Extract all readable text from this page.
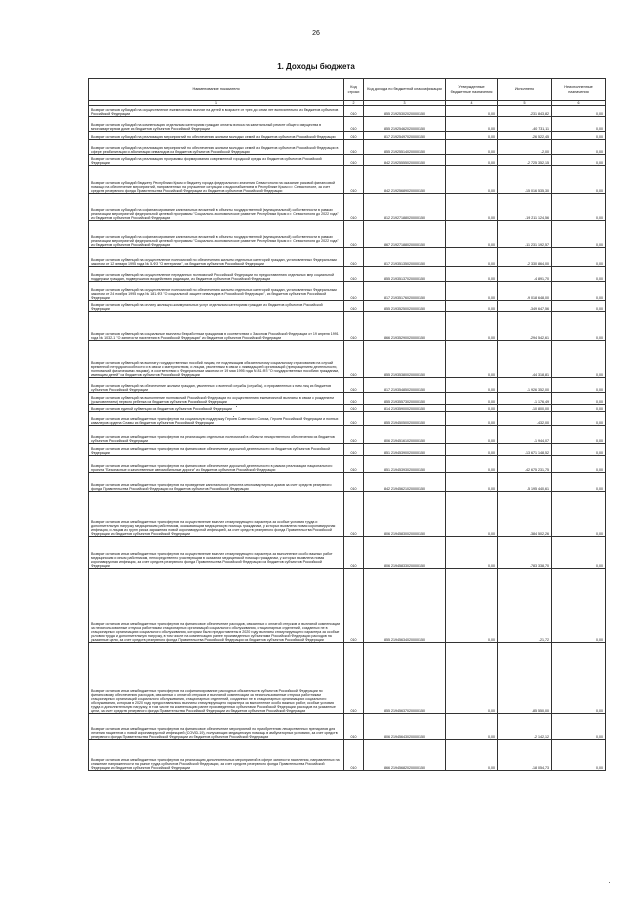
26
1. Доходы бюджета
Наименование показателя	Код строки	Код дохода по бюджетной классификации	Утвержденные бюджетные назначения	Исполнено	Неисполненные назначения
1	2	3	4	5	6
Возврат остатков субсидий на осуществление ежемесячных выплат на детей в возрасте от трех до семи лет включительно из бюджетов субъектов Российской Федерации	010	855 21925302020000150	0,00	-231 843,82	0,00
Возврат остатков субсидий на компенсацию отдельным категориям граждан оплаты взноса на капитальный ремонт общего имущества в многоквартирном доме из бюджетов субъектов Российской Федерации	010	855 21925462020000150	0,00	-40 731,11	0,00
Возврат остатков субсидий на реализацию мероприятий по обеспечению жильем молодых семей из бюджетов субъектов Российской Федерации	010	817 21925497020000150	0,00	-26 522,45	0,00
Возврат остатков субсидий на реализацию мероприятий по обеспечению жильем молодых семей из бюджетов субъектов Российской Федерации в сфере реабилитации и абилитации инвалидов из бюджетов субъектов Российской Федерации	010	855 21925514020000150	0,00	-2,00	0,00
Возврат остатков субсидий на реализацию программы формирования современной городской среды из бюджетов субъектов Российской Федерации	010	842 21925555020000150	0,00	-2 725 352,15	0,00
Возврат остатков субсидий бюджету Республики Крым и бюджету города федерального значения Севастополя на оказание разовой финансовой помощи на обеспечение мероприятий, направленных на улучшение ситуации с водоснабжением в Республике Крым и г. Севастополе, за счет средств резервного фонда Правительства Российской Федерации из бюджетов субъектов Российской Федерации	010	842 21925689020000150	0,00	-15 016 535,30	0,00
Возврат остатков субсидий на софинансирование капитальных вложений в объекты государственной (муниципальной) собственности в рамках реализации мероприятий федеральной целевой программы "Социально-экономическое развитие Республики Крым и г. Севастополя до 2022 года" из бюджетов субъектов Российской Федерации	010	812 21927188020000150	0,00	-19 211 124,56	0,00
Возврат остатков субсидий на софинансирование капитальных вложений в объекты государственной (муниципальной) собственности в рамках реализации мероприятий федеральной целевой программы "Социально-экономическое развитие Республики Крым и г. Севастополя до 2022 года" из бюджетов субъектов Российской Федерации	010	867 21927188020000150	0,00	-11 231 192,57	0,00
Возврат остатков субвенций на осуществление полномочий по обеспечению жильем отдельных категорий граждан, установленных Федеральным законом от 12 января 1995 года № 5-ФЗ "О ветеранах", из бюджетов субъектов Российской Федерации	010	817 21935135020000150	0,00	-2 330 864,00	0,00
Возврат остатков субвенций на осуществление переданных полномочий Российской Федерации по предоставлению отдельных мер социальной поддержки граждан, подвергшихся воздействию радиации, из бюджетов субъектов Российской Федерации	010	855 21935137020000150	0,00	-4 891,70	0,00
Возврат остатков субвенций на осуществление полномочий по обеспечению жильем отдельных категорий граждан, установленных Федеральным законом от 24 ноября 1995 года № 181-ФЗ "О социальной защите инвалидов в Российской Федерации", из бюджетов субъектов Российской Федерации	010	817 21935176020000150	0,00	-9 018 648,00	0,00
Возврат остатков субвенций на оплату жилищно-коммунальных услуг отдельным категориям граждан из бюджетов субъектов Российской Федерации	010	855 21935250020000150	0,00	-349 647,56	0,00
Возврат остатков субвенций на социальные выплаты безработным гражданам в соответствии с Законом Российской Федерации от 19 апреля 1991 года № 1032-1 "О занятости населения в Российской Федерации" из бюджетов субъектов Российской Федерации	010	866 21935290020000150	0,00	-294 542,61	0,00
Возврат остатков субвенций на выплату государственных пособий лицам, не подлежащим обязательному социальному страхованию на случай временной нетрудоспособности и в связи с материнством, и лицам, уволенным в связи с ликвидацией организаций (прекращением деятельности, полномочий физическими лицами), в соответствии с Федеральным законом от 19 мая 1995 года N 81-ФЗ "О государственных пособиях гражданам, имеющим детей" из бюджетов субъектов Российской Федерации	010	855 21935380020000150	0,00	-44 318,81	0,00
Возврат остатков субвенций на обеспечение жильем граждан, уволенных с военной службы (службы), и приравненных к ним лиц из бюджетов субъектов Российской Федерации	010	817 21935485020000150	0,00	-1 926 352,00	0,00
Возврат остатков субвенций на выполнение полномочий Российской Федерации по осуществлению ежемесячной выплаты в связи с рождением (усыновлением) первого ребенка из бюджетов субъектов Российской Федерации	010	855 21935573020000150	0,00	-1 176,49	0,00
Возврат остатков единой субвенции из бюджетов субъектов Российской Федерации	010	814 21935900020000150	0,00	-10 800,00	0,00
Возврат остатков иных межбюджетных трансфертов на социальную поддержку Героев Советского Союза, Героев Российской Федерации и полных кавалеров ордена Славы из бюджетов субъектов Российской Федерации	010	855 21945050020000150	0,00	-432,00	0,00
Возврат остатков иных межбюджетных трансфертов на реализацию отдельных полномочий в области лекарственного обеспечения из бюджетов субъектов Российской Федерации	010	806 21945161020000150	0,00	-1 944,07	0,00
Возврат остатков иных межбюджетных трансфертов на финансовое обеспечение дорожной деятельности из бюджетов субъектов Российской Федерации	010	851 21945390020000150	0,00	-13 671 148,52	0,00
Возврат остатков иных межбюджетных трансфертов на финансовое обеспечение дорожной деятельности в рамках реализации национального проекта "Безопасные и качественные автомобильные дороги" из бюджетов субъектов Российской Федерации	010	851 21945393020000150	0,00	-42 675 231,75	0,00
Возврат остатков иных межбюджетных трансфертов на проведение капитального ремонта многоквартирных домов за счет средств резервного фонда Правительства Российской Федерации из бюджетов субъектов Российской Федерации	010	842 21945621020000150	0,00	-5 195 440,61	0,00
Возврат остатков иных межбюджетных трансфертов на осуществление выплат стимулирующего характера за особые условия труда и дополнительную нагрузку медицинским работникам, оказывающим медицинскую помощь гражданам, у которых выявлена новая коронавирусная инфекция, и лицам из групп риска заражения новой коронавирусной инфекцией, за счет средств резервного фонда Правительства Российской Федерации из бюджетов субъектов Российской Федерации	010	806 21945830020000150	0,00	-384 502,26	0,00
Возврат остатков иных межбюджетных трансфертов на осуществление выплат стимулирующего характера за выполнение особо важных работ медицинским и иным работникам, непосредственно участвующим в оказании медицинской помощи гражданам, у которых выявлена новая коронавирусная инфекция, за счет средств резервного фонда Правительства Российской Федерации из бюджетов субъектов Российской Федерации	010	806 21945833020000150	0,00	-783 338,70	0,00
Возврат остатков иных межбюджетных трансфертов на финансовое обеспечение расходов, связанных с оплатой отпусков и выплатой компенсации за неиспользованные отпуска работникам стационарных организаций социального обслуживания, стационарных отделений, созданных не в стационарных организациях социального обслуживания, которым были предоставлены в 2020 году выплаты стимулирующего характера за особые условия труда и дополнительную нагрузку, в том числе на компенсацию ранее произведенных субъектами Российской Федерации расходов на указанные цели, за счет средств резервного фонда Правительства Российской Федерации из бюджетов субъектов Российской Федерации	010	855 21945634020000150	0,00	-21,72	0,00
Возврат остатков иных межбюджетных трансфертов на софинансирование расходных обязательств субъектов Российской Федерации по финансовому обеспечению расходов, связанных с оплатой отпусков и выплатой компенсации за неиспользованные отпуска работникам стационарных организаций социального обслуживания, стационарных отделений, созданных не в стационарных организациях социального обслуживания, которым в 2020 году предоставлялись выплаты стимулирующего характера за выполнение особо важных работ, особые условия труда и дополнительную нагрузку, в том числе на компенсацию ранее произведенных субъектами Российской Федерации расходов на указанные цели, за счет средств резервного фонда Правительства Российской Федерации из бюджетов субъектов Российской Федерации	010	855 21945637020000150	0,00	-85 550,00	0,00
Возврат остатков иных межбюджетных трансфертов на финансовое обеспечение мероприятий по приобретению лекарственных препаратов для лечения пациентов с новой коронавирусной инфекцией (COVID-19), получающих медицинскую помощь в амбулаторных условиях, за счет средств резервного фонда Правительства Российской Федерации из бюджетов субъектов Российской Федерации	010	806 21945643020000150	0,00	-2 142,12	0,00
Возврат остатков иных межбюджетных трансфертов на реализацию дополнительных мероприятий в сфере занятости населения, направленных на снижение напряженности на рынке труда субъектов Российской Федерации, за счет средств резервного фонда Правительства Российской Федерации из бюджетов субъектов Российской Федерации	010	866 21945682020000150	0,00	-18 054,73	0,00
